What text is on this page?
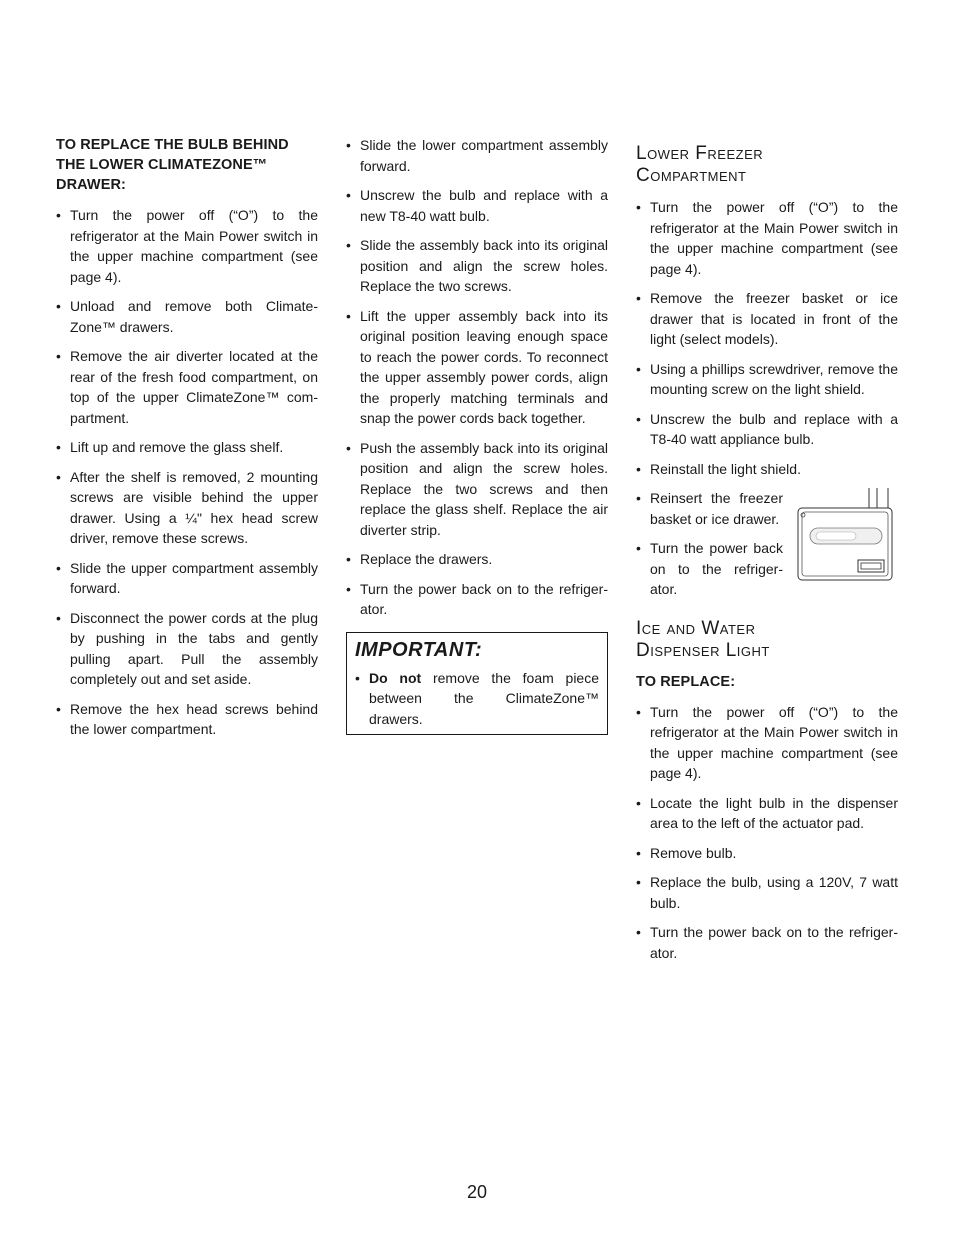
TO REPLACE THE BULB BEHIND THE LOWER CLIMATEZONE™ DRAWER:
• Turn the power off (“O”) to the refrigerator at the Main Power switch in the upper machine compartment (see page 4).
• Unload and remove both Climate-Zone™ drawers.
• Remove the air diverter located at the rear of the fresh food compartment, on top of the upper ClimateZone™ com-partment.
• Lift up and remove the glass shelf.
• After the shelf is removed, 2 mounting screws are visible behind the upper drawer. Using a ¼" hex head screw driver, remove these screws.
• Slide the upper compartment assembly forward.
• Disconnect the power cords at the plug by pushing in the tabs and gently pulling apart. Pull the assembly completely out and set aside.
• Remove the hex head screws behind the lower compartment.
• Slide the lower compartment assembly forward.
• Unscrew the bulb and replace with a new T8-40 watt bulb.
• Slide the assembly back into its original position and align the screw holes. Replace the two screws.
• Lift the upper assembly back into its original position leaving enough space to reach the power cords. To reconnect the upper assembly power cords, align the properly matching terminals and snap the power cords back together.
• Push the assembly back into its original position and align the screw holes. Replace the two screws and then replace the glass shelf. Replace the air diverter strip.
• Replace the drawers.
• Turn the power back on to the refriger-ator.
IMPORTANT:
• Do not remove the foam piece between the ClimateZone™ drawers.
Lower Freezer
Compartment
• Turn the power off (“O”) to the refrigerator at the Main Power switch in the upper machine compartment (see page 4).
• Remove the freezer basket or ice drawer that is located in front of the light (select models).
• Using a phillips screwdriver, remove the mounting screw on the light shield.
• Unscrew the bulb and replace with a T8-40 watt appliance bulb.
• Reinstall the light shield.
• Reinsert the freezer basket or ice drawer.
• Turn the power back on to the refriger-ator.
Ice and Water
Dispenser Light
TO REPLACE:
• Turn the power off (“O”) to the refrigerator at the Main Power switch in the upper machine compartment (see page 4).
• Locate the light bulb in the dispenser area to the left of the actuator pad.
• Remove bulb.
• Replace the bulb, using a 120V, 7 watt bulb.
• Turn the power back on to the refriger-ator.
20
